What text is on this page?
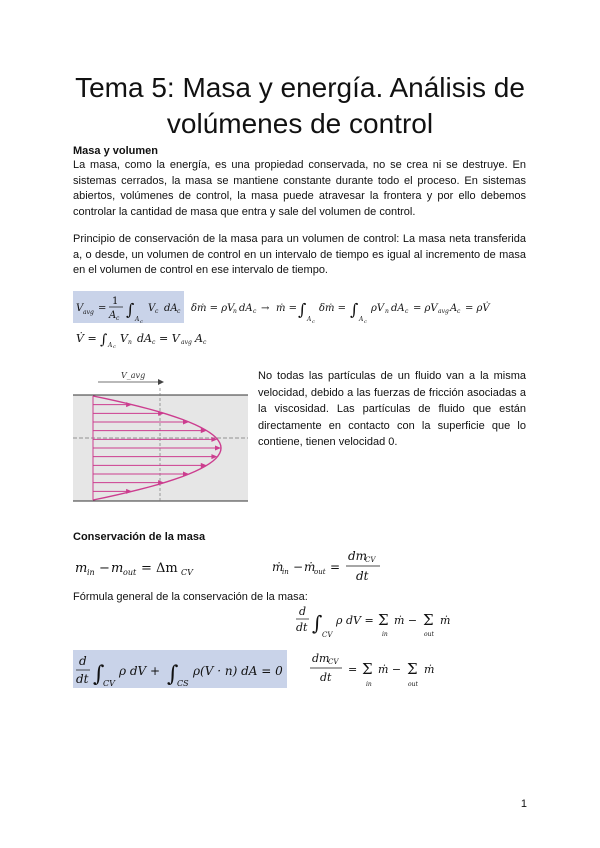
Tema 5: Masa y energía. Análisis de volúmenes de control
Masa y volumen
La masa, como la energía, es una propiedad conservada, no se crea ni se destruye. En sistemas cerrados, la masa se mantiene constante durante todo el proceso. En sistemas abiertos, volúmenes de control, la masa puede atravesar la frontera y por ello debemos controlar la cantidad de masa que entra y sale del volumen de control.
Principio de conservación de la masa para un volumen de control: La masa neta transferida a, o desde, un volumen de control en un intervalo de tiempo es igual al incremento de masa en el volumen de control en ese intervalo de tiempo.
V avg =
1
A c ∫
A c
V c dA c δṁ = ρV
n dA c → ṁ = ∫
A c
δṁ = ∫
A c
ρV n dA c = ρV avg A c = ρV̇
V̇ = ∫ A c
V n dA c = V avg A c
V_avg	No todas las partículas de un fluido van a la misma velocidad, debido a las fuerzas de fricción asociadas a la viscosidad. Las partículas de fluido que están directamente en contacto con la superficie que lo contiene, tienen velocidad 0.
Conservación de la masa
m in − m out = Δm CV	ṁ
in − ṁ
out =
dm
CV
dt
Fórmula general de la conservación de la masa:
d
dt ∫ CV
ρ dV = Σ
in
ṁ − Σ
out
ṁ
d
dt ∫
CV
ρ dV + ∫
CS
ρ(V · n) dA = 0
dm
CV
dt
= Σ
in
ṁ − Σ
out
ṁ
1
